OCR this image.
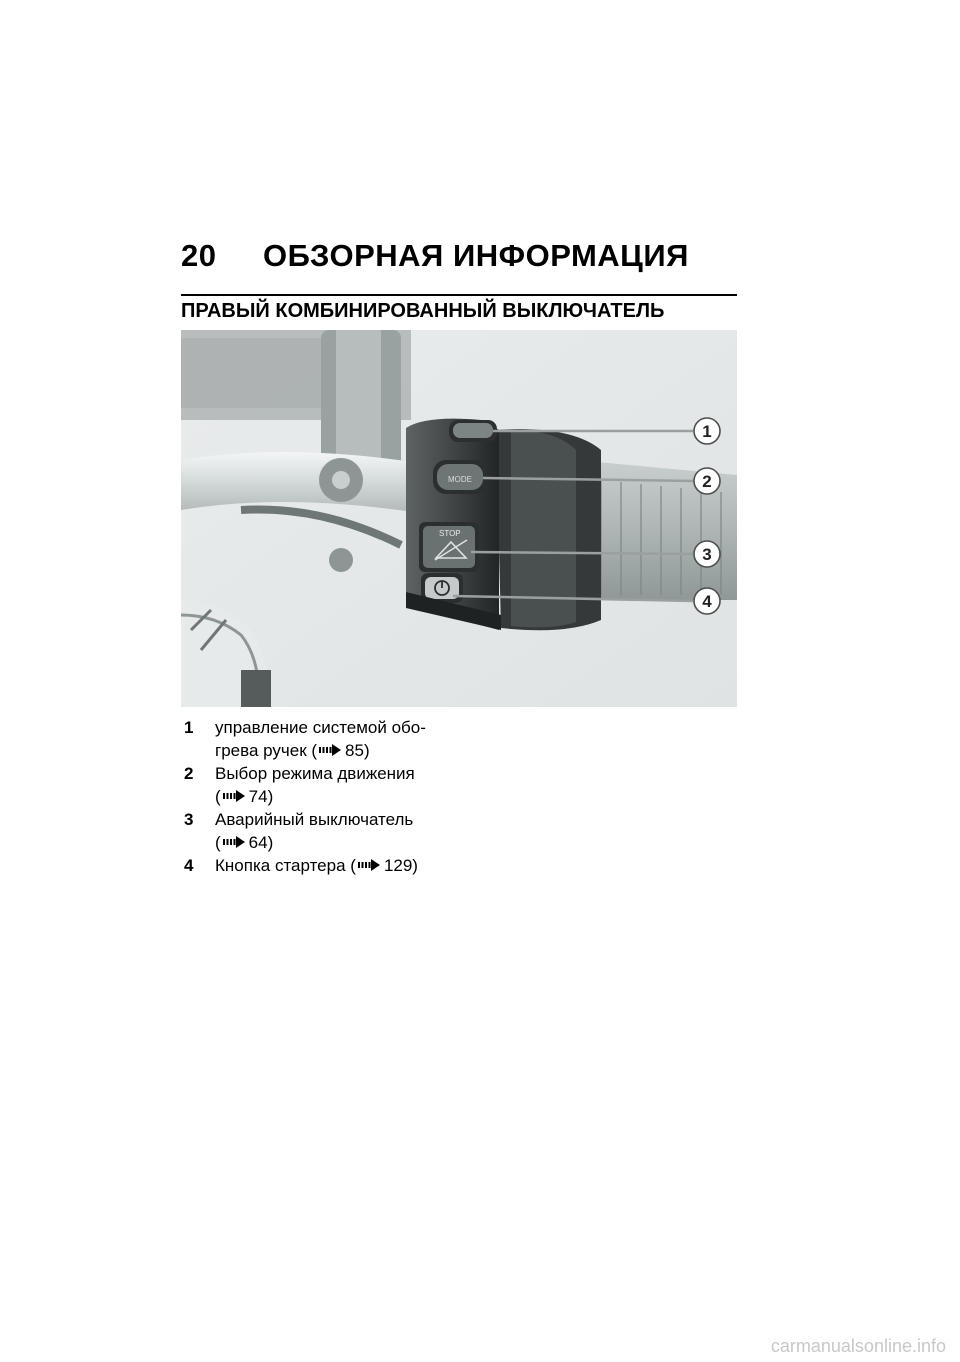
20 ОБЗОРНАЯ ИНФОРМАЦИЯ
ПРАВЫЙ КОМБИНИРОВАННЫЙ ВЫКЛЮЧАТЕЛЬ
MODE
STOP
1
2
3
4
1 управление системой обо-грева ручек ( 85)
2 Выбор режима движения
( 74)
3 Аварийный выключатель
( 64)
4 Кнопка стартера ( 129)
carmanualsonline.info
